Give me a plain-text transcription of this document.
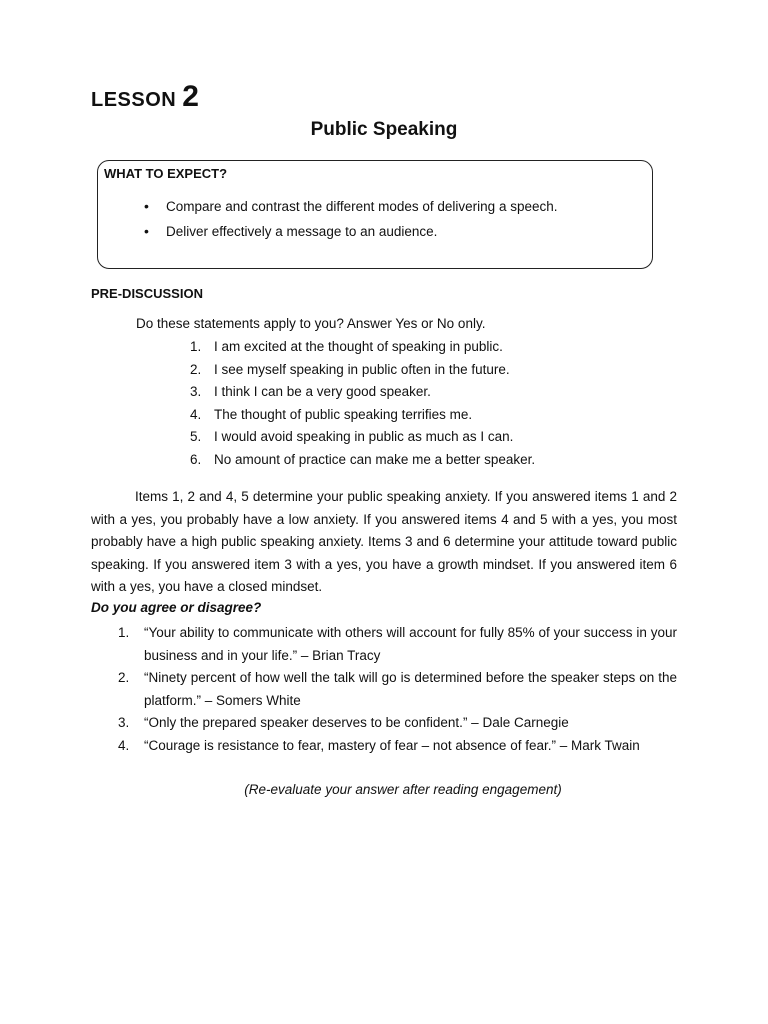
LESSON 2
Public Speaking
WHAT TO EXPECT?
• Compare and contrast the different modes of delivering a speech.
• Deliver effectively a message to an audience.
PRE-DISCUSSION
Do these statements apply to you? Answer Yes or No only.
1. I am excited at the thought of speaking in public.
2. I see myself speaking in public often in the future.
3. I think I can be a very good speaker.
4. The thought of public speaking terrifies me.
5. I would avoid speaking in public as much as I can.
6. No amount of practice can make me a better speaker.

Items 1, 2 and 4, 5 determine your public speaking anxiety. If you answered items 1 and 2 with a yes, you probably have a low anxiety. If you answered items 4 and 5 with a yes, you most probably have a high public speaking anxiety. Items 3 and 6 determine your attitude toward public speaking. If you answered item 3 with a yes, you have a growth mindset. If you answered item 6 with a yes, you have a closed mindset.

Do you agree or disagree?
1. “Your ability to communicate with others will account for fully 85% of your success in your business and in your life.” – Brian Tracy
2. “Ninety percent of how well the talk will go is determined before the speaker steps on the platform.” – Somers White
3. “Only the prepared speaker deserves to be confident.” – Dale Carnegie
4. “Courage is resistance to fear, mastery of fear – not absence of fear.” – Mark Twain
(Re-evaluate your answer after reading engagement)
